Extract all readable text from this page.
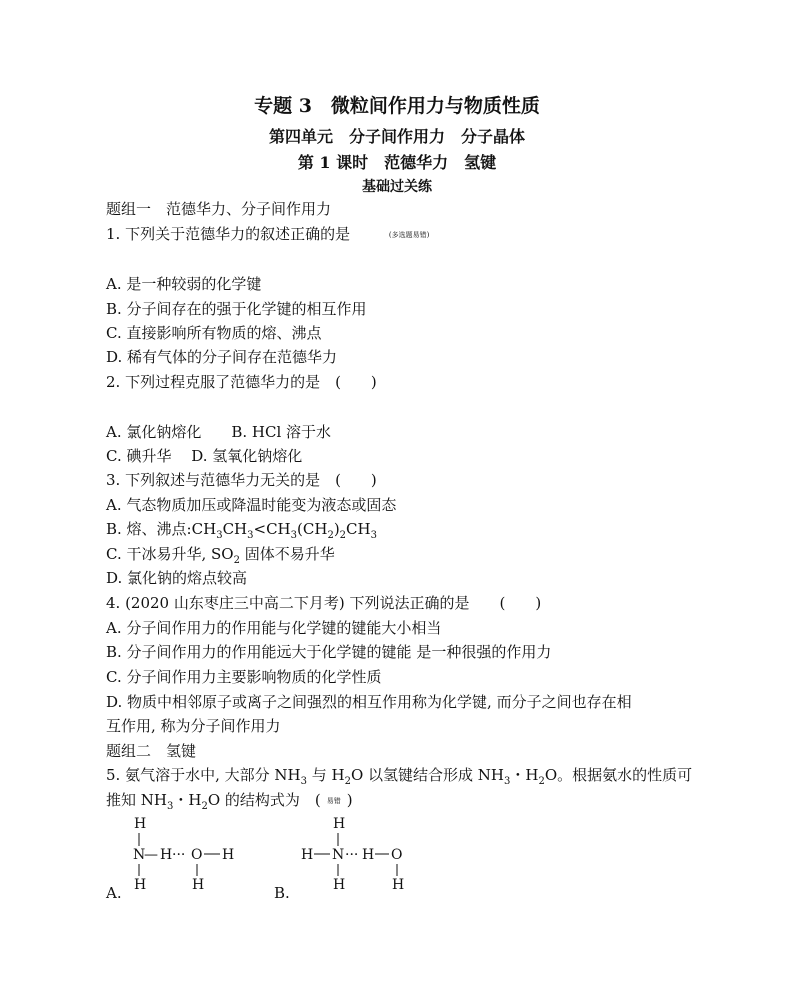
专题 3　微粒间作用力与物质性质
第四单元　分子间作用力　分子晶体
第 1 课时　范德华力　氢键
基础过关练
题组一　范德华力、分子间作用力
1. 下列关于范德华力的叙述正确的是	(多选题易错)
A. 是一种较弱的化学键
B. 分子间存在的强于化学键的相互作用
C. 直接影响所有物质的熔、沸点
D. 稀有气体的分子间存在范德华力
2. 下列过程克服了范德华力的是　(　　)
A. 氯化钠熔化　　B. HCl 溶于水
C. 碘升华　 D. 氢氧化钠熔化
3. 下列叙述与范德华力无关的是　(　　)
A. 气态物质加压或降温时能变为液态或固态
B. 熔、沸点$:CH_3CH_3<CH_3(CH_2)_2CH_3$
C. 干冰易升华, $SO_2$ 固体不易升华
D. 氯化钠的熔点较高
4. (2020 山东枣庄三中高二下月考) 下列说法正确的是　　(　　)
A. 分子间作用力的作用能与化学键的键能大小相当
B. 分子间作用力的作用能远大于化学键的键能 是一种很强的作用力
C. 分子间作用力主要影响物质的化学性质
D. 物质中相邻原子或离子之间强烈的相互作用称为化学键, 而分子之间也存在相
互作用, 称为分子间作用力
题组二　氢键
5. 氨气溶于水中, 大部分 $NH_3$ 与 $H_2O$ 以氢键结合形成 $NH_3$・$H_2O$。根据氨水的性质可
推知 $NH_3$・$H_2O$ 的结构式为　( 易错 )
H
N
— H ··· O H
H	H
A.
H
H N ··· H O
H	H
B.
